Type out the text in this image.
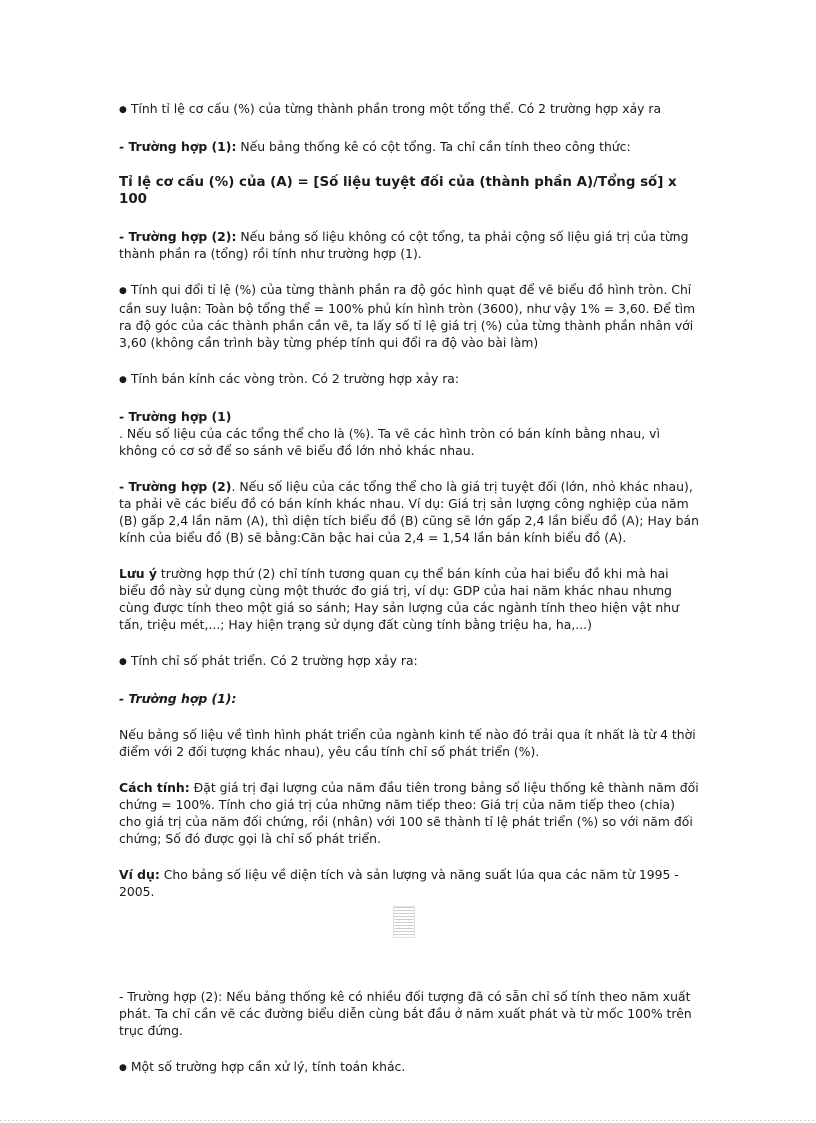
● Tính tỉ lệ cơ cấu (%) của từng thành phần trong một tổng thể. Có 2 trường hợp xảy ra

- Trường hợp (1): Nếu bảng thống kê có cột tổng. Ta chỉ cần tính theo công thức:

Tỉ lệ cơ cấu (%) của (A) = [Số liệu tuyệt đối của (thành phần A)/Tổng số] x 100

- Trường hợp (2): Nếu bảng số liệu không có cột tổng, ta phải cộng số liệu giá trị của từng thành phần ra (tổng) rồi tính như trường hợp (1).

● Tính qui đổi tỉ lệ (%) của từng thành phần ra độ góc hình quạt để vẽ biểu đồ hình tròn. Chỉ cần suy luận: Toàn bộ tổng thể = 100% phủ kín hình tròn (3600), như vậy 1% = 3,60. Để tìm ra độ góc của các thành phần cần vẽ, ta lấy số tỉ lệ giá trị (%) của từng thành phần nhân với 3,60 (không cần trình bày từng phép tính qui đổi ra độ vào bài làm)

● Tính bán kính các vòng tròn. Có 2 trường hợp xảy ra:

- Trường hợp (1)
. Nếu số liệu của các tổng thể cho là (%). Ta vẽ các hình tròn có bán kính bằng nhau, vì không có cơ sở để so sánh vẽ biểu đồ lớn nhỏ khác nhau.

- Trường hợp (2). Nếu số liệu của các tổng thể cho là giá trị tuyệt đối (lớn, nhỏ khác nhau), ta phải vẽ các biểu đồ có bán kính khác nhau. Ví dụ: Giá trị sản lượng công nghiệp của năm (B) gấp 2,4 lần năm (A), thì diện tích biểu đồ (B) cũng sẽ lớn gấp 2,4 lần biểu đồ (A); Hay bán kính của biểu đồ (B) sẽ bằng:Căn bậc hai của 2,4 = 1,54 lần bán kính biểu đồ (A).

Lưu ý trường hợp thứ (2) chỉ tính tương quan cụ thể bán kính của hai biểu đồ khi mà hai biểu đồ này sử dụng cùng một thước đo giá trị, ví dụ: GDP của hai năm khác nhau nhưng cùng được tính theo một giá so sánh; Hay sản lượng của các ngành tính theo hiện vật như tấn, triệu mét,...; Hay hiện trạng sử dụng đất cùng tính bằng triệu ha, ha,...)

● Tính chỉ số phát triển. Có 2 trường hợp xảy ra:

- Trường hợp (1):

Nếu bảng số liệu về tình hình phát triển của ngành kinh tế nào đó trải qua ít nhất là từ 4 thời điểm với 2 đối tượng khác nhau), yêu cầu tính chỉ số phát triển (%).

Cách tính: Đặt giá trị đại lượng của năm đầu tiên trong bảng số liệu thống kê thành năm đối chứng = 100%. Tính cho giá trị của những năm tiếp theo: Giá trị của năm tiếp theo (chia) cho giá trị của năm đối chứng, rồi (nhân) với 100 sẽ thành tỉ lệ phát triển (%) so với năm đối chứng; Số đó được gọi là chỉ số phát triển.

Ví dụ: Cho bảng số liệu về diện tích và sản lượng và năng suất lúa qua các năm từ 1995 - 2005.

- Trường hợp (2): Nếu bảng thống kê có nhiều đối tượng đã có sẵn chỉ số tính theo năm xuất phát. Ta chỉ cần vẽ các đường biểu diễn cùng bắt đầu ở năm xuất phát và từ mốc 100% trên trục đứng.

● Một số trường hợp cần xử lý, tính toán khác.
